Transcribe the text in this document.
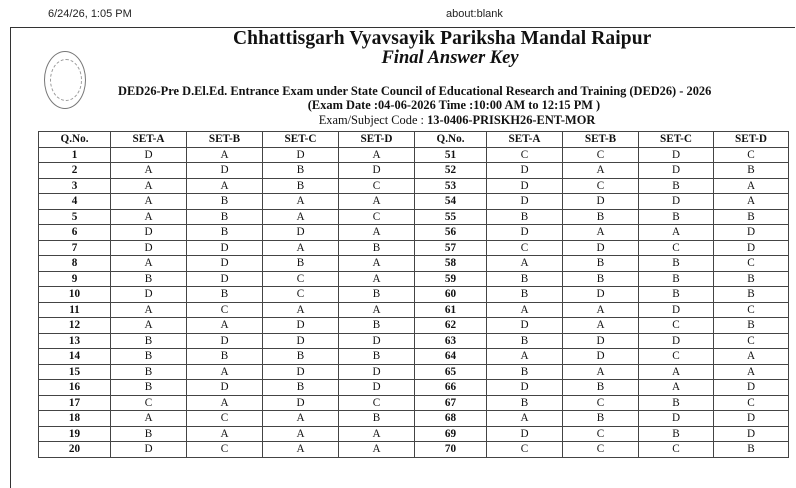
6/24/26, 1:05 PM	about:blank
Chhattisgarh Vyavsayik Pariksha Mandal Raipur
Final Answer Key
DED26-Pre D.El.Ed. Entrance Exam under State Council of Educational Research and Training (DED26) - 2026
(Exam Date :04-06-2026 Time :10:00 AM to 12:15 PM )
Exam/Subject Code : 13-0406-PRISKH26-ENT-MOR
Q.No.	SET-A	SET-B	SET-C	SET-D	Q.No.	SET-A	SET-B	SET-C	SET-D
1	D	A	D	A	51	C	C	D	C
2	A	D	B	D	52	D	A	D	B
3	A	A	B	C	53	D	C	B	A
4	A	B	A	A	54	D	D	D	A
5	A	B	A	C	55	B	B	B	B
6	D	B	D	A	56	D	A	A	D
7	D	D	A	B	57	C	D	C	D
8	A	D	B	A	58	A	B	B	C
9	B	D	C	A	59	B	B	B	B
10	D	B	C	B	60	B	D	B	B
11	A	C	A	A	61	A	A	D	C
12	A	A	D	B	62	D	A	C	B
13	B	D	D	D	63	B	D	D	C
14	B	B	B	B	64	A	D	C	A
15	B	A	D	D	65	B	A	A	A
16	B	D	B	D	66	D	B	A	D
17	C	A	D	C	67	B	C	B	C
18	A	C	A	B	68	A	B	D	D
19	B	A	A	A	69	D	C	B	D
20	D	C	A	A	70	C	C	C	B
